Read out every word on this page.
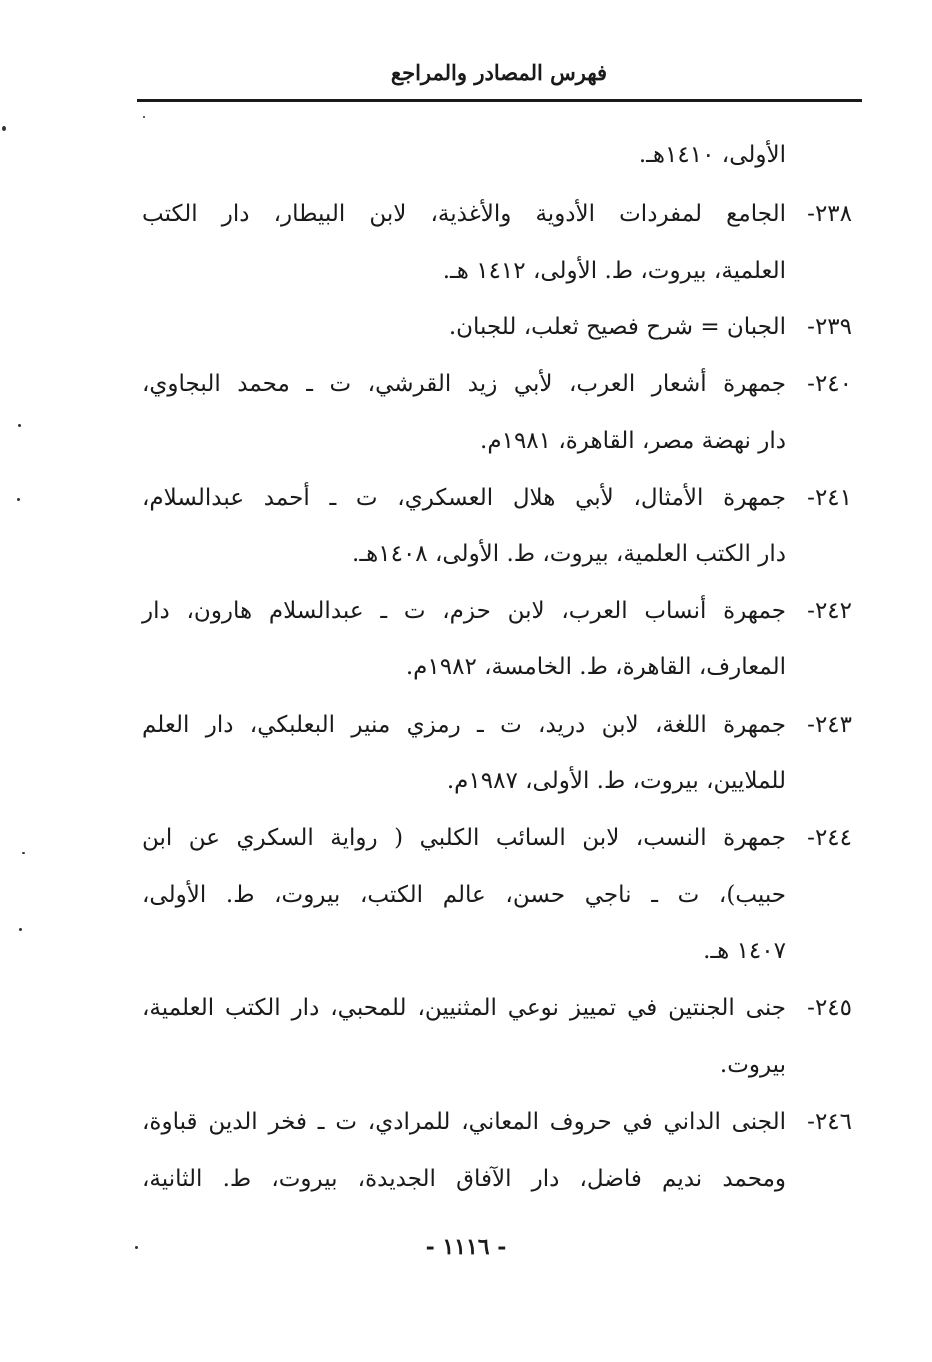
فهرس المصادر والمراجع
الأولى، ١٤١٠هـ.
٢٣٨-الجامع لمفردات الأدوية والأغذية، لابن البيطار، دار الكتب
العلمية، بيروت، ط. الأولى، ١٤١٢ هـ.
٢٣٩-الجبان = شرح فصيح ثعلب، للجبان.
٢٤٠-جمهرة أشعار العرب، لأبي زيد القرشي، ت ـ محمد البجاوي،
دار نهضة مصر، القاهرة، ١٩٨١م.
٢٤١-جمهرة الأمثال، لأبي هلال العسكري، ت ـ أحمد عبدالسلام،
دار الكتب العلمية، بيروت، ط. الأولى، ١٤٠٨هـ.
٢٤٢-جمهرة أنساب العرب، لابن حزم، ت ـ عبدالسلام هارون، دار
المعارف، القاهرة، ط. الخامسة، ١٩٨٢م.
٢٤٣-جمهرة اللغة، لابن دريد، ت ـ رمزي منير البعلبكي، دار العلم
للملايين، بيروت، ط. الأولى، ١٩٨٧م.
٢٤٤-جمهرة النسب، لابن السائب الكلبي ( رواية السكري عن ابن
حبيب)، ت ـ ناجي حسن، عالم الكتب، بيروت، ط. الأولى،
١٤٠٧ هـ.
٢٤٥-جنى الجنتين في تمييز نوعي المثنيين، للمحبي، دار الكتب العلمية،
بيروت.
٢٤٦-الجنى الداني في حروف المعاني، للمرادي، ت ـ فخر الدين قباوة،
ومحمد نديم فاضل، دار الآفاق الجديدة، بيروت، ط. الثانية،
- ١١١٦ -
